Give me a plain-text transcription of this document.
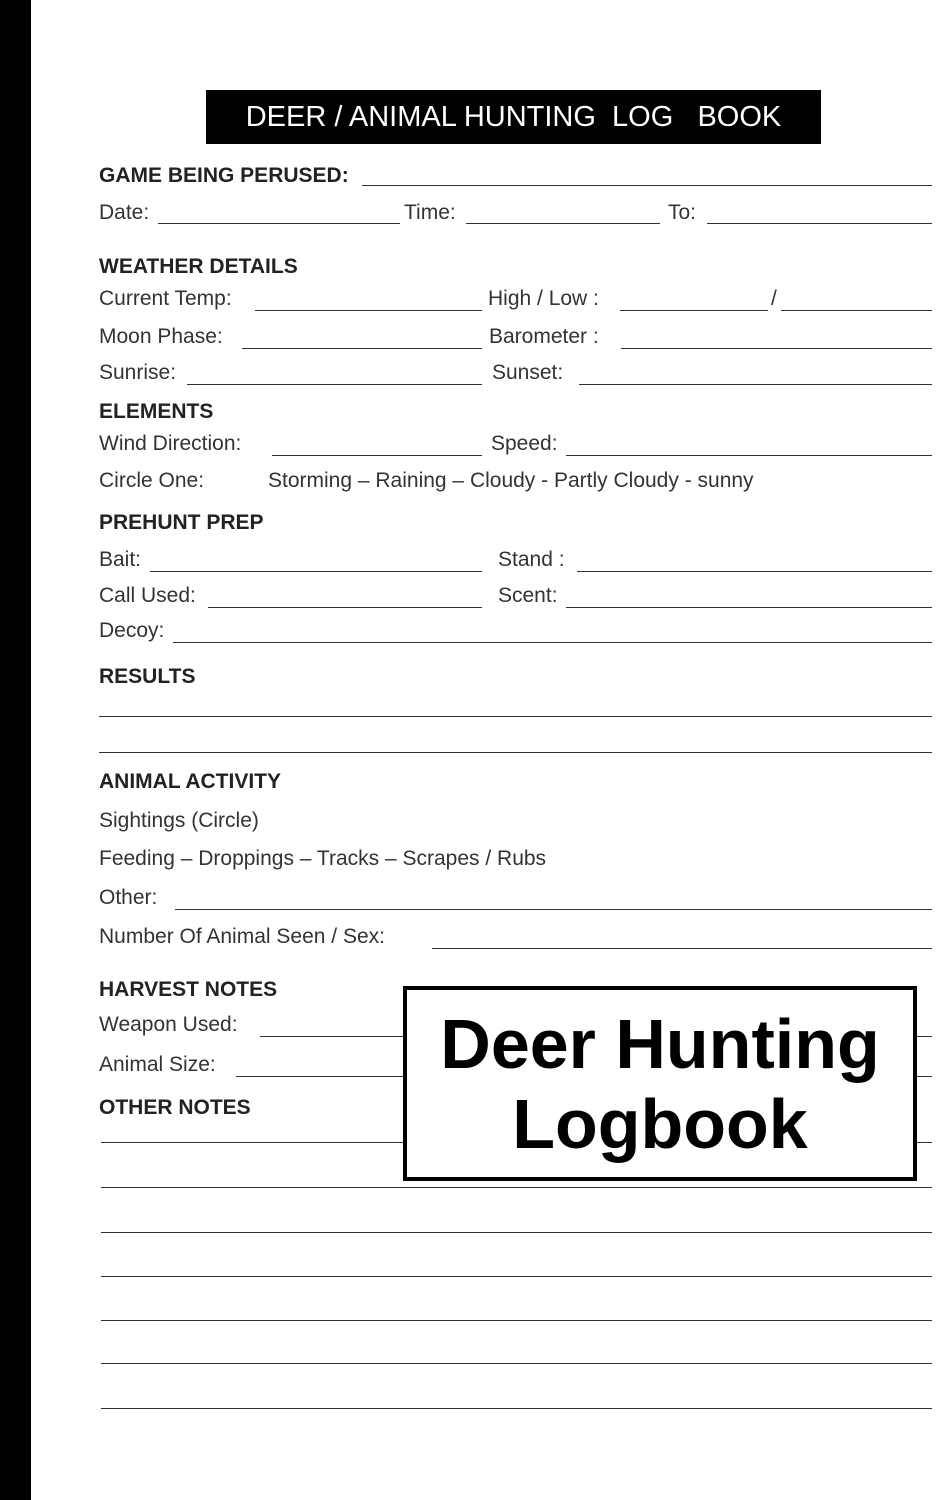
DEER / ANIMAL HUNTING  LOG   BOOK
GAME BEING PERUSED:
Date:	Time:	To:
WEATHER DETAILS
Current Temp:	High / Low :	/
Moon Phase:	Barometer :
Sunrise:	Sunset:
ELEMENTS
Wind Direction:	Speed:
Circle One:	Storming – Raining – Cloudy - Partly Cloudy - sunny
PREHUNT PREP
Bait:	Stand :
Call Used:	Scent:
Decoy:
RESULTS
ANIMAL ACTIVITY
Sightings (Circle)
Feeding – Droppings – Tracks – Scrapes / Rubs
Other:
Number Of Animal Seen / Sex:
HARVEST NOTES
Weapon Used:
Animal Size:
OTHER NOTES
Deer Hunting
Logbook
